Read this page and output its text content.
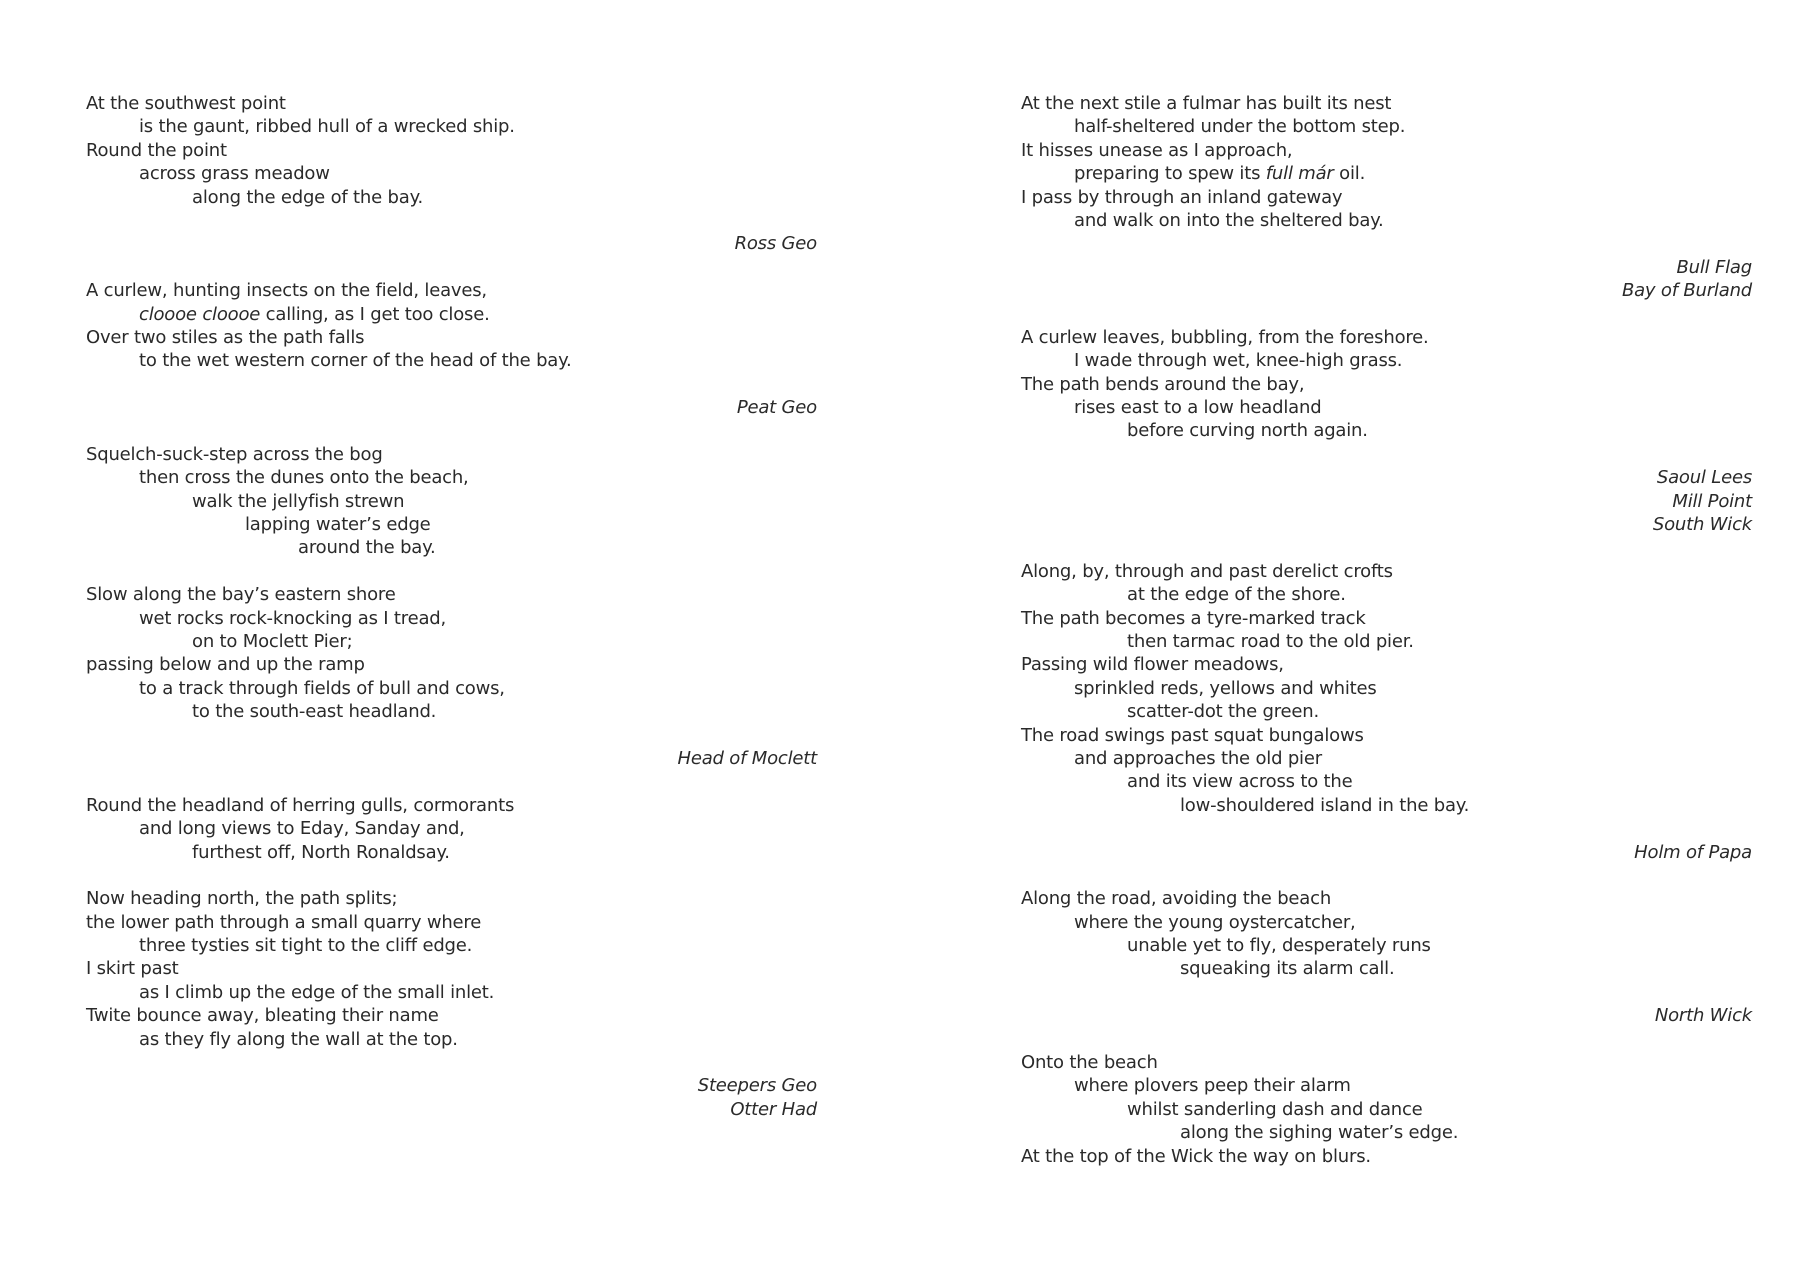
At the southwest point
is the gaunt, ribbed hull of a wrecked ship.
Round the point
across grass meadow
along the edge of the bay.
Ross Geo
A curlew, hunting insects on the field, leaves,
cloooe cloooe calling, as I get too close.
Over two stiles as the path falls
to the wet western corner of the head of the bay.
Peat Geo
Squelch-suck-step across the bog
then cross the dunes onto the beach,
walk the jellyfish strewn
lapping water’s edge
around the bay.
Slow along the bay’s eastern shore
wet rocks rock-knocking as I tread,
on to Moclett Pier;
passing below and up the ramp
to a track through fields of bull and cows,
to the south-east headland.
Head of Moclett
Round the headland of herring gulls, cormorants
and long views to Eday, Sanday and,
furthest off, North Ronaldsay.
Now heading north, the path splits;
the lower path through a small quarry where
three tysties sit tight to the cliff edge.
I skirt past
as I climb up the edge of the small inlet.
Twite bounce away, bleating their name
as they fly along the wall at the top.
Steepers Geo
Otter Had
At the next stile a fulmar has built its nest
half-sheltered under the bottom step.
It hisses unease as I approach,
preparing to spew its full már oil.
I pass by through an inland gateway
and walk on into the sheltered bay.
Bull Flag
Bay of Burland
A curlew leaves, bubbling, from the foreshore.
I wade through wet, knee-high grass.
The path bends around the bay,
rises east to a low headland
before curving north again.
Saoul Lees
Mill Point
South Wick
Along, by, through and past derelict crofts
at the edge of the shore.
The path becomes a tyre-marked track
then tarmac road to the old pier.
Passing wild flower meadows,
sprinkled reds, yellows and whites
scatter-dot the green.
The road swings past squat bungalows
and approaches the old pier
and its view across to the
low-shouldered island in the bay.
Holm of Papa
Along the road, avoiding the beach
where the young oystercatcher,
unable yet to fly, desperately runs
squeaking its alarm call.
North Wick
Onto the beach
where plovers peep their alarm
whilst sanderling dash and dance
along the sighing water’s edge.
At the top of the Wick the way on blurs.
